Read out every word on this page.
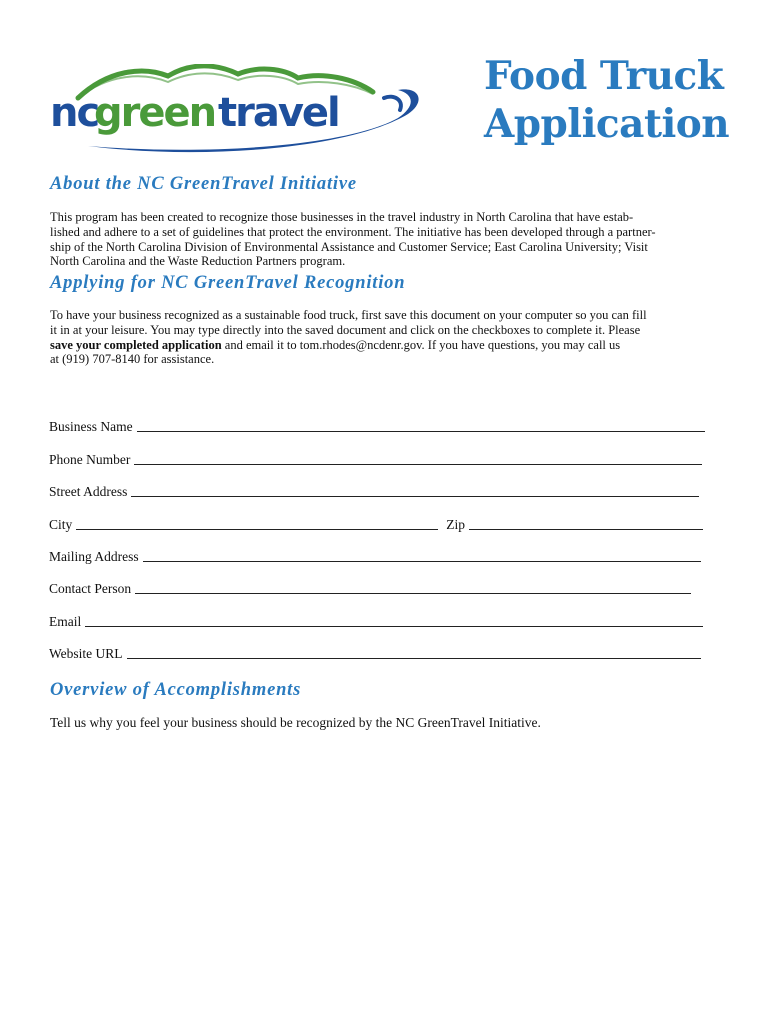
nc
green travel
Food Truck
Application
About the NC GreenTravel Initiative
This program has been created to recognize those businesses in the travel industry in North Carolina that have estab-
lished and adhere to a set of guidelines that protect the environment. The initiative has been developed through a partner-
ship of the North Carolina Division of Environmental Assistance and Customer Service; East Carolina University; Visit
North Carolina and the Waste Reduction Partners program.
Applying for NC GreenTravel Recognition
To have your business recognized as a sustainable food truck, first save this document on your computer so you can fill
it in at your leisure. You may type directly into the saved document and click on the checkboxes to complete it. Please
save your completed application and email it to tom.rhodes@ncdenr.gov. If you have questions, you may call us
at (919) 707-8140 for assistance.
Business Name
Phone Number
Street Address
City	Zip
Mailing Address
Contact Person
Email
Website URL
Overview of Accomplishments
Tell us why you feel your business should be recognized by the NC GreenTravel Initiative.
